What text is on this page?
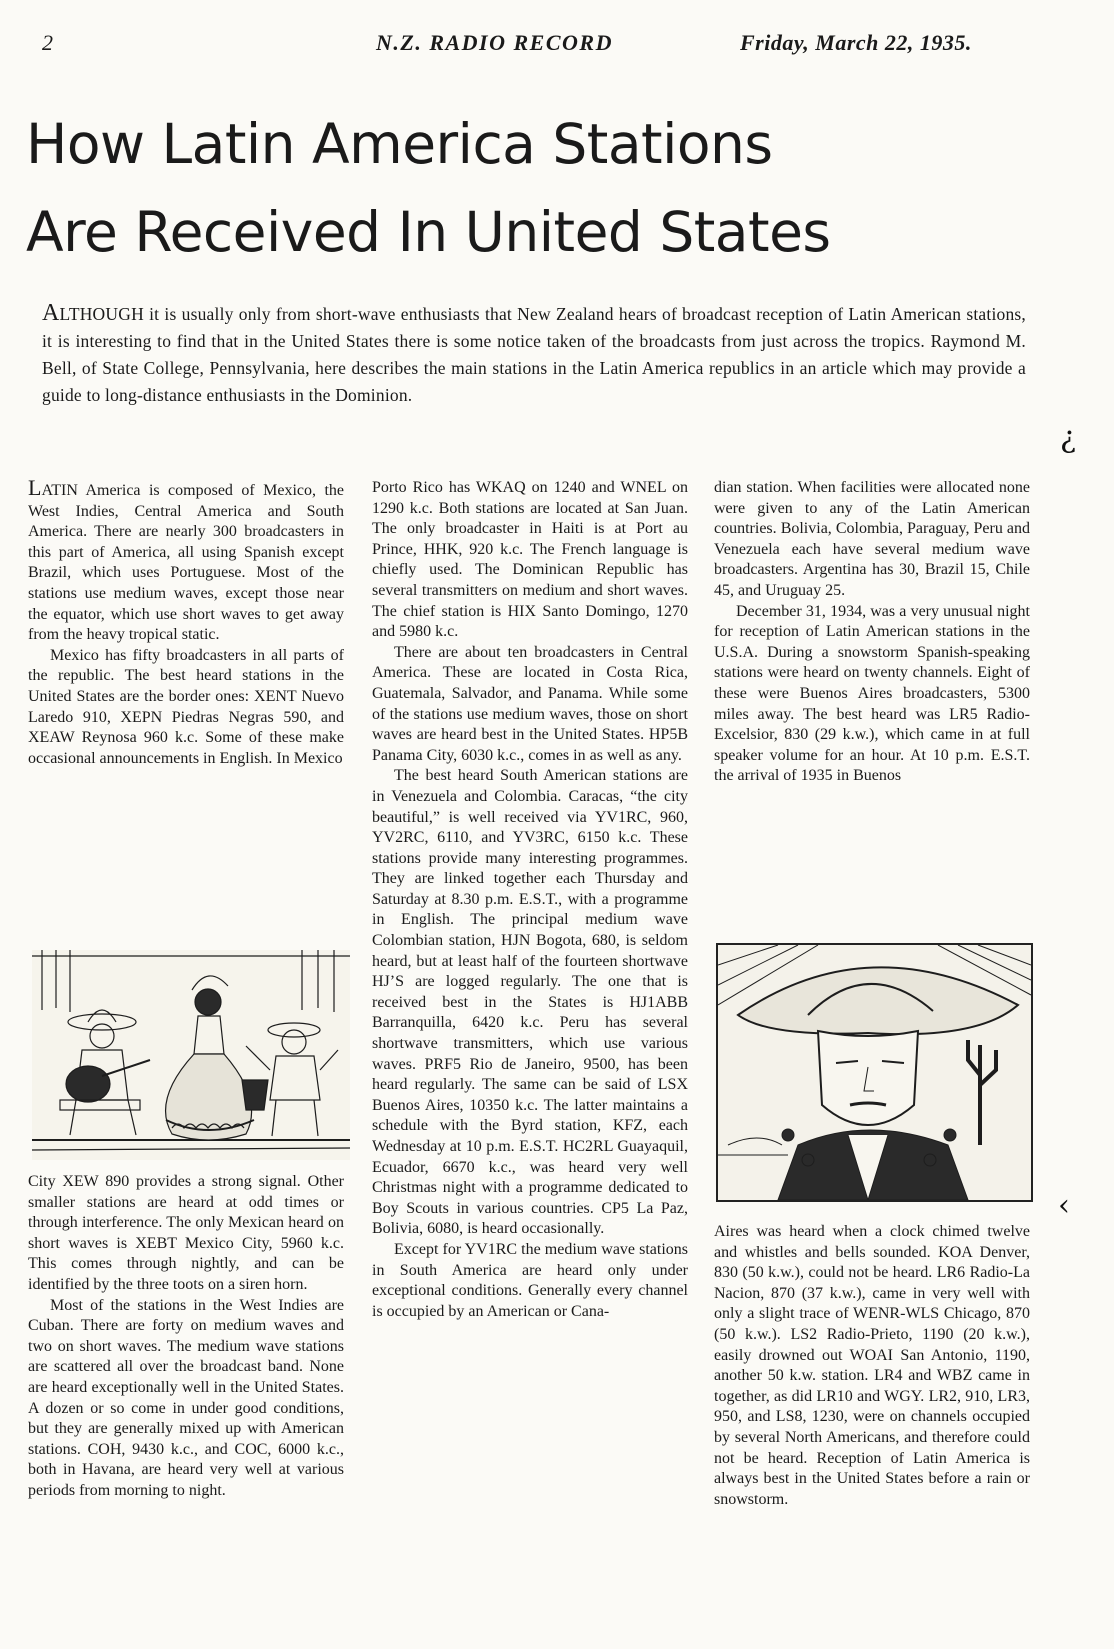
2	N.Z. RADIO RECORD	Friday, March 22, 1935.
How Latin America Stations
Are Received In United States

ALTHOUGH it is usually only from short-wave enthusiasts that New Zealand hears of broadcast reception of Latin American stations, it is interesting to find that in the United States there is some notice taken of the broadcasts from just across the tropics. Raymond M. Bell, of State College, Pennsylvania, here describes the main stations in the Latin America republics in an article which may provide a guide to long-distance enthusiasts in the Dominion.

LATIN America is composed of Mexico, the West Indies, Central America and South America. There are nearly 300 broadcasters in this part of America, all using Spanish except Brazil, which uses Portuguese. Most of the stations use medium waves, except those near the equator, which use short waves to get away from the heavy tropical static.

Mexico has fifty broadcasters in all parts of the republic. The best heard stations in the United States are the border ones: XENT Nuevo Laredo 910, XEPN Piedras Negras 590, and XEAW Reynosa 960 k.c. Some of these make occasional announcements in English. In Mexico

City XEW 890 provides a strong signal. Other smaller stations are heard at odd times or through interference. The only Mexican heard on short waves is XEBT Mexico City, 5960 k.c. This comes through nightly, and can be identified by the three toots on a siren horn.

Most of the stations in the West Indies are Cuban. There are forty on medium waves and two on short waves. The medium wave stations are scattered all over the broadcast band. None are heard exceptionally well in the United States. A dozen or so come in under good conditions, but they are generally mixed up with American stations. COH, 9430 k.c., and COC, 6000 k.c., both in Havana, are heard very well at various periods from morning to night.

Porto Rico has WKAQ on 1240 and WNEL on 1290 k.c. Both stations are located at San Juan. The only broadcaster in Haiti is at Port au Prince, HHK, 920 k.c. The French language is chiefly used. The Dominican Republic has several transmitters on medium and short waves. The chief station is HIX Santo Domingo, 1270 and 5980 k.c.

There are about ten broadcasters in Central America. These are located in Costa Rica, Guatemala, Salvador, and Panama. While some of the stations use medium waves, those on short waves are heard best in the United States. HP5B Panama City, 6030 k.c., comes in as well as any.

The best heard South American stations are in Venezuela and Colombia. Caracas, “the city beautiful,” is well received via YV1RC, 960, YV2RC, 6110, and YV3RC, 6150 k.c. These stations provide many interesting programmes. They are linked together each Thursday and Saturday at 8.30 p.m. E.S.T., with a programme in English. The principal medium wave Colombian station, HJN Bogota, 680, is seldom heard, but at least half of the fourteen shortwave HJ’S are logged regularly. The one that is received best in the States is HJ1ABB Barranquilla, 6420 k.c. Peru has several shortwave transmitters, which use various waves. PRF5 Rio de Janeiro, 9500, has been heard regularly. The same can be said of LSX Buenos Aires, 10350 k.c. The latter maintains a schedule with the Byrd station, KFZ, each Wednesday at 10 p.m. E.S.T. HC2RL Guayaquil, Ecuador, 6670 k.c., was heard very well Christmas night with a programme dedicated to Boy Scouts in various countries. CP5 La Paz, Bolivia, 6080, is heard occasionally.

Except for YV1RC the medium wave stations in South America are heard only under exceptional conditions. Generally every channel is occupied by an American or Cana-

dian station. When facilities were allocated none were given to any of the Latin American countries. Bolivia, Colombia, Paraguay, Peru and Venezuela each have several medium wave broadcasters. Argentina has 30, Brazil 15, Chile 45, and Uruguay 25.

December 31, 1934, was a very unusual night for reception of Latin American stations in the U.S.A. During a snowstorm Spanish-speaking stations were heard on twenty channels. Eight of these were Buenos Aires broadcasters, 5300 miles away. The best heard was LR5 Radio-Excelsior, 830 (29 k.w.), which came in at full speaker volume for an hour. At 10 p.m. E.S.T. the arrival of 1935 in Buenos

Aires was heard when a clock chimed twelve and whistles and bells sounded. KOA Denver, 830 (50 k.w.), could not be heard. LR6 Radio-La Nacion, 870 (37 k.w.), came in very well with only a slight trace of WENR-WLS Chicago, 870 (50 k.w.). LS2 Radio-Prieto, 1190 (20 k.w.), easily drowned out WOAI San Antonio, 1190, another 50 k.w. station. LR4 and WBZ came in together, as did LR10 and WGY. LR2, 910, LR3, 950, and LS8, 1230, were on channels occupied by several North Americans, and therefore could not be heard. Reception of Latin America is always best in the United States before a rain or snowstorm.

¿
‹
